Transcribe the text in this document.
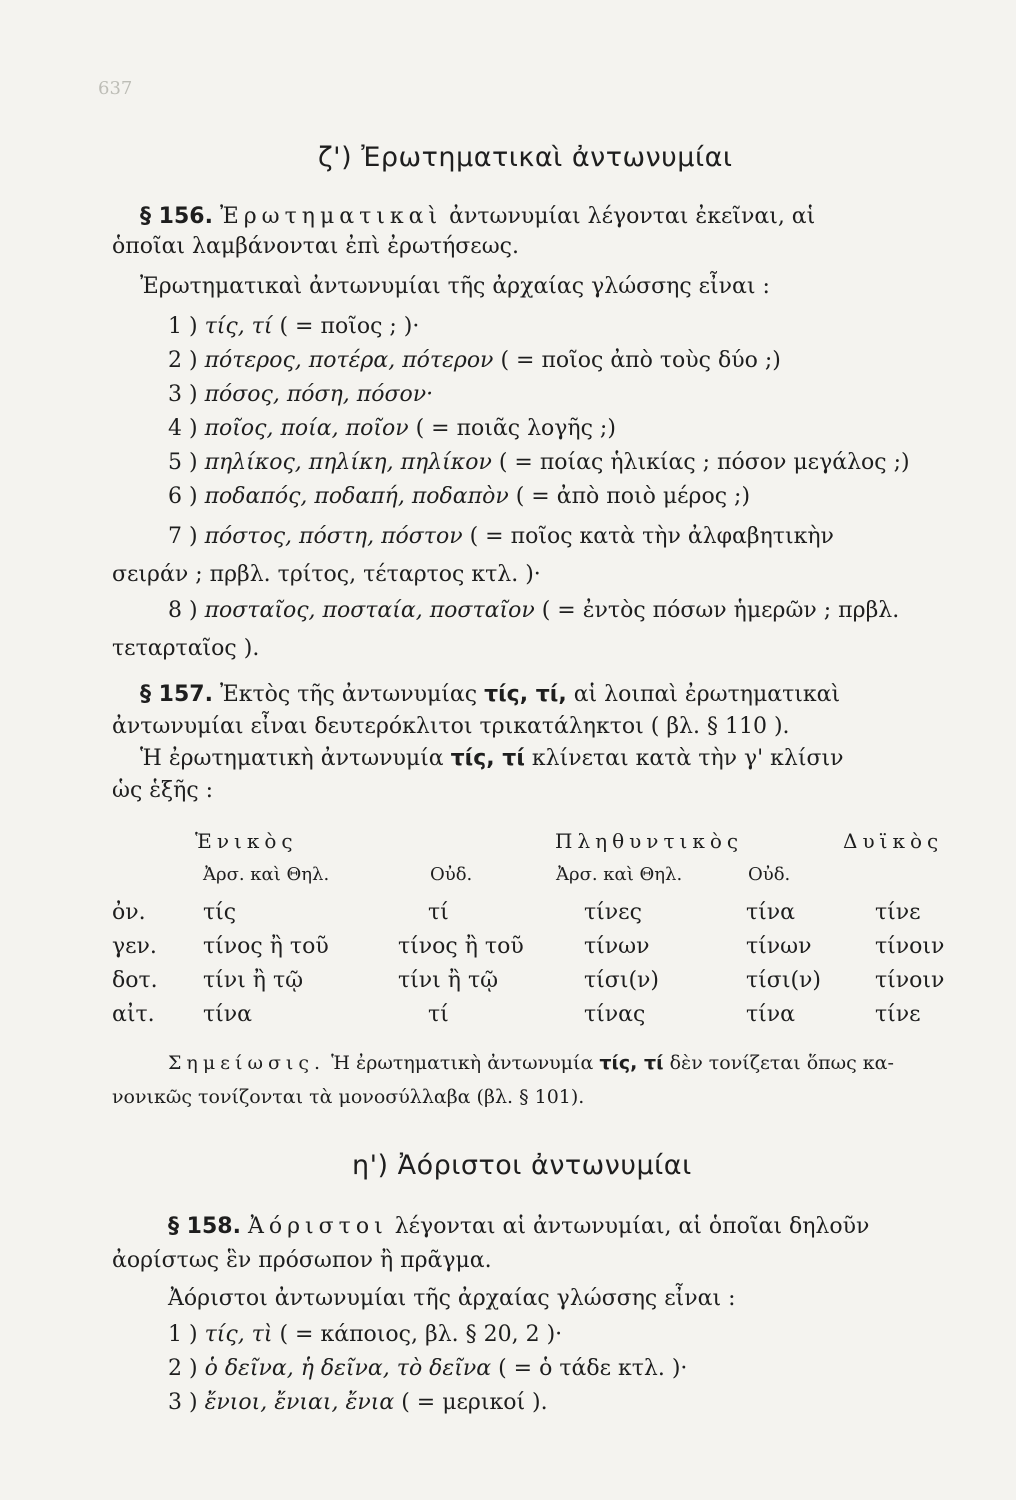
637
ζ') Ἐρωτηματικαὶ ἀντωνυμίαι
§ 156. Ἐρωτηματικαὶ ἀντωνυμίαι λέγονται ἐκεῖναι, αἱ
ὁποῖαι λαμβάνονται ἐπὶ ἐρωτήσεως.
Ἐρωτηματικαὶ ἀντωνυμίαι τῆς ἀρχαίας γλώσσης εἶναι :
1 ) τίς, τί ( = ποῖος ; )·
2 ) πότερος, ποτέρα, πότερον ( = ποῖος ἀπὸ τοὺς δύο ;)
3 ) πόσος, πόση, πόσον·
4 ) ποῖος, ποία, ποῖον ( = ποιᾶς λογῆς ;)
5 ) πηλίκος, πηλίκη, πηλίκον ( = ποίας ἡλικίας ; πόσον μεγάλος ;)
6 ) ποδαπός, ποδαπή, ποδαπὸν ( = ἀπὸ ποιὸ μέρος ;)
7 ) πόστος, πόστη, πόστον ( = ποῖος κατὰ τὴν ἀλφαβητικὴν
σειράν ; πρβλ. τρίτος, τέταρτος κτλ. )·
8 ) ποσταῖος, ποσταία, ποσταῖον ( = ἐντὸς πόσων ἡμερῶν ; πρβλ.
τεταρταῖος ).
§ 157. Ἐκτὸς τῆς ἀντωνυμίας τίς, τί, αἱ λοιπαὶ ἐρωτηματικαὶ
ἀντωνυμίαι εἶναι δευτερόκλιτοι τρικατάληκτοι ( βλ. § 110 ).
Ἡ ἐρωτηματικὴ ἀντωνυμία τίς, τί κλίνεται κατὰ τὴν γ' κλίσιν
ὡς ἑξῆς :
Ἑνικὸς	Πληθυντικὸς	Δυϊκὸς
Ἀρσ. καὶ Θηλ.	Οὐδ.	Ἀρσ. καὶ Θηλ.	Οὐδ.
ὀν.	τίς	τί	τίνες	τίνα	τίνε
γεν. τίνος ἢ τοῦ	τίνος ἢ τοῦ	τίνων	τίνων	τίνοιν
δοτ. τίνι ἢ τῷ	τίνι ἢ τῷ	τίσι(ν)	τίσι(ν) τίνοιν
αἰτ. τίνα	τί	τίνας	τίνα	τίνε
Σημείωσις. Ἡ ἐρωτηματικὴ ἀντωνυμία τίς, τί δὲν τονίζεται ὅπως κα-
νονικῶς τονίζονται τὰ μονοσύλλαβα (βλ. § 101).
η') Ἀόριστοι ἀντωνυμίαι
§ 158. Ἀόριστοι λέγονται αἱ ἀντωνυμίαι, αἱ ὁποῖαι δηλοῦν
ἀορίστως ἓν πρόσωπον ἢ πρᾶγμα.
Ἀόριστοι ἀντωνυμίαι τῆς ἀρχαίας γλώσσης εἶναι :
1 ) τίς, τὶ ( = κάποιος, βλ. § 20, 2 )·
2 ) ὁ δεῖνα, ἡ δεῖνα, τὸ δεῖνα ( = ὁ τάδε κτλ. )·
3 ) ἔνιοι, ἔνιαι, ἔνια ( = μερικοί ).
